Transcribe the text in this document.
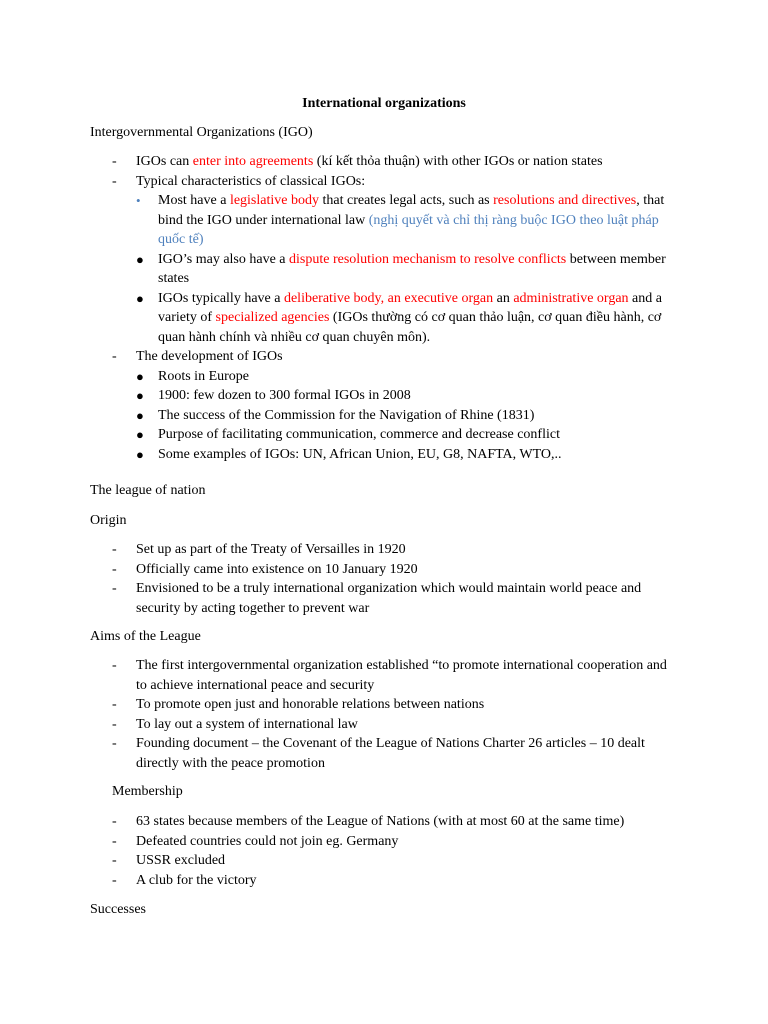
International organizations
Intergovernmental Organizations (IGO)
- IGOs can enter into agreements (kí kết thỏa thuận) with other IGOs or nation states
- Typical characteristics of classical IGOs:
• Most have a legislative body that creates legal acts, such as resolutions and directives, that bind the IGO under international law (nghị quyết và chỉ thị ràng buộc IGO theo luật pháp quốc tế)
● IGO’s may also have a dispute resolution mechanism to resolve conflicts between member states
● IGOs typically have a deliberative body, an executive organ an administrative organ and a variety of specialized agencies (IGOs thường có cơ quan thảo luận, cơ quan điều hành, cơ quan hành chính và nhiều cơ quan chuyên môn).
- The development of IGOs
● Roots in Europe
● 1900: few dozen to 300 formal IGOs in 2008
● The success of the Commission for the Navigation of Rhine (1831)
● Purpose of facilitating communication, commerce and decrease conflict
● Some examples of IGOs: UN, African Union, EU, G8, NAFTA, WTO,..
The league of nation
Origin
- Set up as part of the Treaty of Versailles in 1920
- Officially came into existence on 10 January 1920
- Envisioned to be a truly international organization which would maintain world peace and security by acting together to prevent war
Aims of the League
- The first intergovernmental organization established “to promote international cooperation and to achieve international peace and security
- To promote open just and honorable relations between nations
- To lay out a system of international law
- Founding document – the Covenant of the League of Nations Charter 26 articles – 10 dealt directly with the peace promotion
Membership
- 63 states because members of the League of Nations (with at most 60 at the same time)
- Defeated countries could not join eg. Germany
- USSR excluded
- A club for the victory
Successes
